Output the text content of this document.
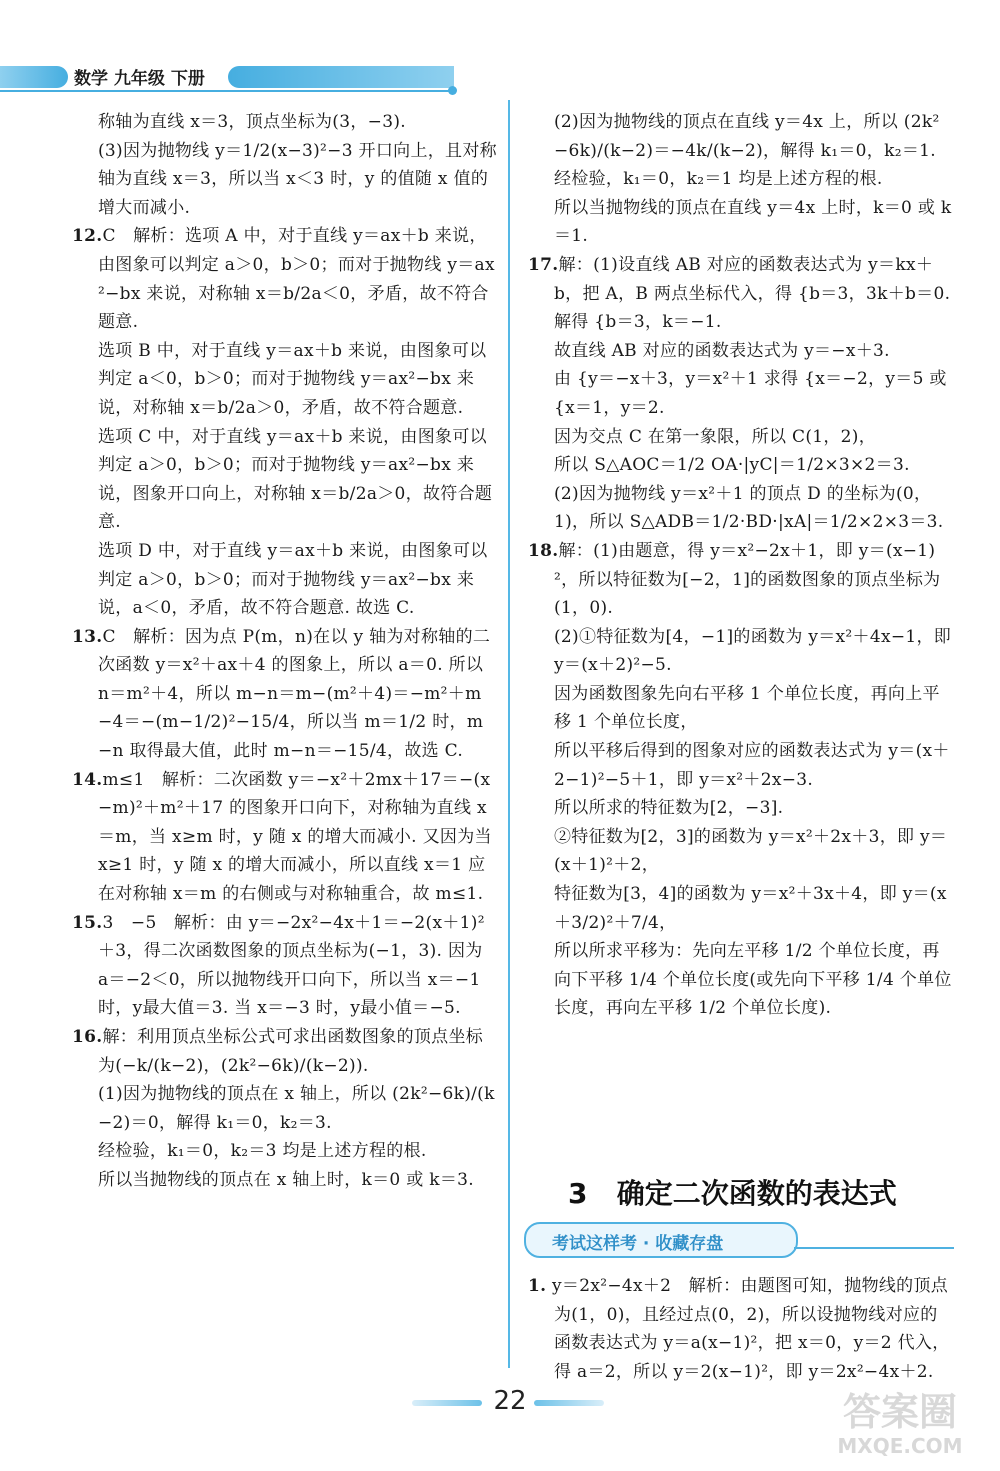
数学 九年级 下册

称轴为直线 x＝3，顶点坐标为(3，−3).

(3)因为抛物线 y＝1/2(x−3)²−3 开口向上，且对称轴为直线 x＝3，所以当 x＜3 时，y 的值随 x 值的增大而减小.

12.C　解析：选项 A 中，对于直线 y＝ax＋b 来说，由图象可以判定 a＞0，b＞0；而对于抛物线 y＝ax²−bx 来说，对称轴 x＝b/2a＜0，矛盾，故不符合题意.

选项 B 中，对于直线 y＝ax＋b 来说，由图象可以判定 a＜0，b＞0；而对于抛物线 y＝ax²−bx 来说，对称轴 x＝b/2a＞0，矛盾，故不符合题意.

选项 C 中，对于直线 y＝ax＋b 来说，由图象可以判定 a＞0，b＞0；而对于抛物线 y＝ax²−bx 来说，图象开口向上，对称轴 x＝b/2a＞0，故符合题意.

选项 D 中，对于直线 y＝ax＋b 来说，由图象可以判定 a＞0，b＞0；而对于抛物线 y＝ax²−bx 来说，a＜0，矛盾，故不符合题意. 故选 C.

13.C　解析：因为点 P(m，n)在以 y 轴为对称轴的二次函数 y＝x²＋ax＋4 的图象上，所以 a＝0. 所以 n＝m²＋4，所以 m−n＝m−(m²＋4)＝−m²＋m−4＝−(m−1/2)²−15/4，所以当 m＝1/2 时，m−n 取得最大值，此时 m−n＝−15/4，故选 C.

14.m≤1　解析：二次函数 y＝−x²＋2mx＋17＝−(x−m)²＋m²＋17 的图象开口向下，对称轴为直线 x＝m，当 x≥m 时，y 随 x 的增大而减小. 又因为当 x≥1 时，y 随 x 的增大而减小，所以直线 x＝1 应在对称轴 x＝m 的右侧或与对称轴重合，故 m≤1.

15.3　−5　解析：由 y＝−2x²−4x＋1＝−2(x＋1)²＋3，得二次函数图象的顶点坐标为(−1，3). 因为 a＝−2＜0，所以抛物线开口向下，所以当 x＝−1 时，y最大值＝3. 当 x＝−3 时，y最小值＝−5.

16.解：利用顶点坐标公式可求出函数图象的顶点坐标为(−k/(k−2)，(2k²−6k)/(k−2)).

(1)因为抛物线的顶点在 x 轴上，所以 (2k²−6k)/(k−2)＝0，解得 k₁＝0，k₂＝3.

经检验，k₁＝0，k₂＝3 均是上述方程的根.

所以当抛物线的顶点在 x 轴上时，k＝0 或 k＝3.

(2)因为抛物线的顶点在直线 y＝4x 上，所以 (2k²−6k)/(k−2)＝−4k/(k−2)，解得 k₁＝0，k₂＝1.

经检验，k₁＝0，k₂＝1 均是上述方程的根.

所以当抛物线的顶点在直线 y＝4x 上时，k＝0 或 k＝1.

17.解：(1)设直线 AB 对应的函数表达式为 y＝kx＋b，把 A，B 两点坐标代入，得 {b＝3，3k＋b＝0.

解得 {b＝3，k＝−1.

故直线 AB 对应的函数表达式为 y＝−x＋3.

由 {y＝−x＋3，y＝x²＋1 求得 {x＝−2，y＝5 或 {x＝1，y＝2.

因为交点 C 在第一象限，所以 C(1，2)，

所以 S△AOC＝1/2 OA·|yC|＝1/2×3×2＝3.

(2)因为抛物线 y＝x²＋1 的顶点 D 的坐标为(0，1)，所以 S△ADB＝1/2·BD·|xA|＝1/2×2×3＝3.

18.解：(1)由题意，得 y＝x²−2x＋1，即 y＝(x−1)²，所以特征数为[−2，1]的函数图象的顶点坐标为(1，0).

(2)①特征数为[4，−1]的函数为 y＝x²＋4x−1，即 y＝(x＋2)²−5.

因为函数图象先向右平移 1 个单位长度，再向上平移 1 个单位长度，

所以平移后得到的图象对应的函数表达式为 y＝(x＋2−1)²−5＋1，即 y＝x²＋2x−3.

所以所求的特征数为[2，−3].

②特征数为[2，3]的函数为 y＝x²＋2x＋3，即 y＝(x＋1)²＋2，

特征数为[3，4]的函数为 y＝x²＋3x＋4，即 y＝(x＋3/2)²＋7/4，

所以所求平移为：先向左平移 1/2 个单位长度，再向下平移 1/4 个单位长度(或先向下平移 1/4 个单位长度，再向左平移 1/2 个单位长度).

3 确定二次函数的表达式
考试这样考 · 收藏存盘

1. y＝2x²−4x＋2　解析：由题图可知，抛物线的顶点为(1，0)，且经过点(0，2)，所以设抛物线对应的函数表达式为 y＝a(x−1)²，把 x＝0，y＝2 代入，得 a＝2，所以 y＝2(x−1)²，即 y＝2x²−4x＋2.

22	答案圈
MXQE.COM
